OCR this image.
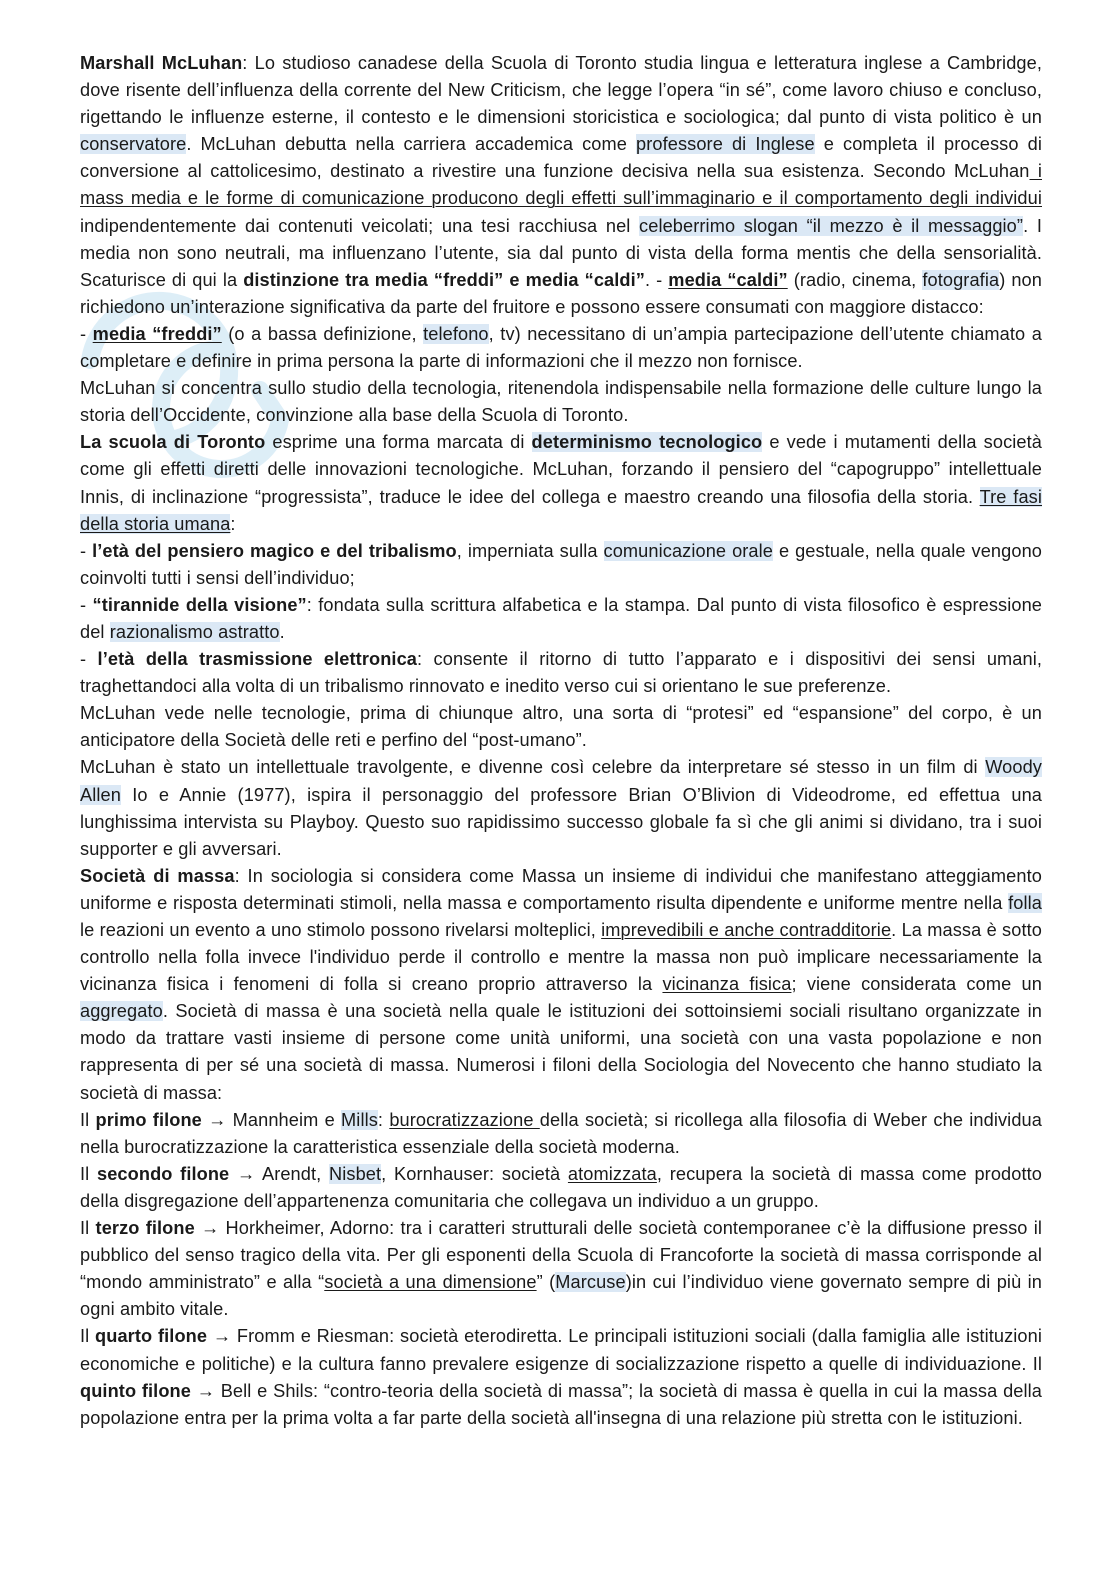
Marshall McLuhan: Lo studioso canadese della Scuola di Toronto studia lingua e letteratura inglese a Cambridge, dove risente dell’influenza della corrente del New Criticism, che legge l’opera “in sé”, come lavoro chiuso e concluso, rigettando le influenze esterne, il contesto e le dimensioni storicistica e sociologica; dal punto di vista politico è un conservatore. McLuhan debutta nella carriera accademica come professore di Inglese e completa il processo di conversione al cattolicesimo, destinato a rivestire una funzione decisiva nella sua esistenza. Secondo McLuhan i mass media e le forme di comunicazione producono degli effetti sull’immaginario e il comportamento degli individui indipendentemente dai contenuti veicolati; una tesi racchiusa nel celeberrimo slogan “il mezzo è il messaggio”. I media non sono neutrali, ma influenzano l’utente, sia dal punto di vista della forma mentis che della sensorialità. Scaturisce di qui la distinzione tra media “freddi” e media “caldi”. - media “caldi” (radio, cinema, fotografia) non richiedono un’interazione significativa da parte del fruitore e possono essere consumati con maggiore distacco:

- media “freddi” (o a bassa definizione, telefono, tv) necessitano di un’ampia partecipazione dell’utente chiamato a completare e definire in prima persona la parte di informazioni che il mezzo non fornisce.

McLuhan si concentra sullo studio della tecnologia, ritenendola indispensabile nella formazione delle culture lungo la storia dell’Occidente, convinzione alla base della Scuola di Toronto.

La scuola di Toronto esprime una forma marcata di determinismo tecnologico e vede i mutamenti della società come gli effetti diretti delle innovazioni tecnologiche. McLuhan, forzando il pensiero del “capogruppo” intellettuale Innis, di inclinazione “progressista”, traduce le idee del collega e maestro creando una filosofia della storia. Tre fasi della storia umana:

- l’età del pensiero magico e del tribalismo, imperniata sulla comunicazione orale e gestuale, nella quale vengono coinvolti tutti i sensi dell’individuo;

- “tirannide della visione”: fondata sulla scrittura alfabetica e la stampa. Dal punto di vista filosofico è espressione del razionalismo astratto.

- l’età della trasmissione elettronica: consente il ritorno di tutto l’apparato e i dispositivi dei sensi umani, traghettandoci alla volta di un tribalismo rinnovato e inedito verso cui si orientano le sue preferenze.

McLuhan vede nelle tecnologie, prima di chiunque altro, una sorta di “protesi” ed “espansione” del corpo, è un anticipatore della Società delle reti e perfino del “post-umano”.

McLuhan è stato un intellettuale travolgente, e divenne così celebre da interpretare sé stesso in un film di Woody Allen Io e Annie (1977), ispira il personaggio del professore Brian O’Blivion di Videodrome, ed effettua una lunghissima intervista su Playboy. Questo suo rapidissimo successo globale fa sì che gli animi si dividano, tra i suoi supporter e gli avversari.

Società di massa: In sociologia si considera come Massa un insieme di individui che manifestano atteggiamento uniforme e risposta determinati stimoli, nella massa e comportamento risulta dipendente e uniforme mentre nella folla le reazioni un evento a uno stimolo possono rivelarsi molteplici, imprevedibili e anche contradditorie. La massa è sotto controllo nella folla invece l'individuo perde il controllo e mentre la massa non può implicare necessariamente la vicinanza fisica i fenomeni di folla si creano proprio attraverso la vicinanza fisica; viene considerata come un aggregato. Società di massa è una società nella quale le istituzioni dei sottoinsiemi sociali risultano organizzate in modo da trattare vasti insieme di persone come unità uniformi, una società con una vasta popolazione e non rappresenta di per sé una società di massa. Numerosi i filoni della Sociologia del Novecento che hanno studiato la società di massa:

Il primo filone → Mannheim e Mills: burocratizzazione della società; si ricollega alla filosofia di Weber che individua nella burocratizzazione la caratteristica essenziale della società moderna.

Il secondo filone → Arendt, Nisbet, Kornhauser: società atomizzata, recupera la società di massa come prodotto della disgregazione dell’appartenenza comunitaria che collegava un individuo a un gruppo.

Il terzo filone → Horkheimer, Adorno: tra i caratteri strutturali delle società contemporanee c’è la diffusione presso il pubblico del senso tragico della vita. Per gli esponenti della Scuola di Francoforte la società di massa corrisponde al “mondo amministrato” e alla “società a una dimensione” (Marcuse)in cui l’individuo viene governato sempre di più in ogni ambito vitale.

Il quarto filone → Fromm e Riesman: società eterodiretta. Le principali istituzioni sociali (dalla famiglia alle istituzioni economiche e politiche) e la cultura fanno prevalere esigenze di socializzazione rispetto a quelle di individuazione. Il quinto filone → Bell e Shils: “contro-teoria della società di massa”; la società di massa è quella in cui la massa della popolazione entra per la prima volta a far parte della società all'insegna di una relazione più stretta con le istituzioni.
